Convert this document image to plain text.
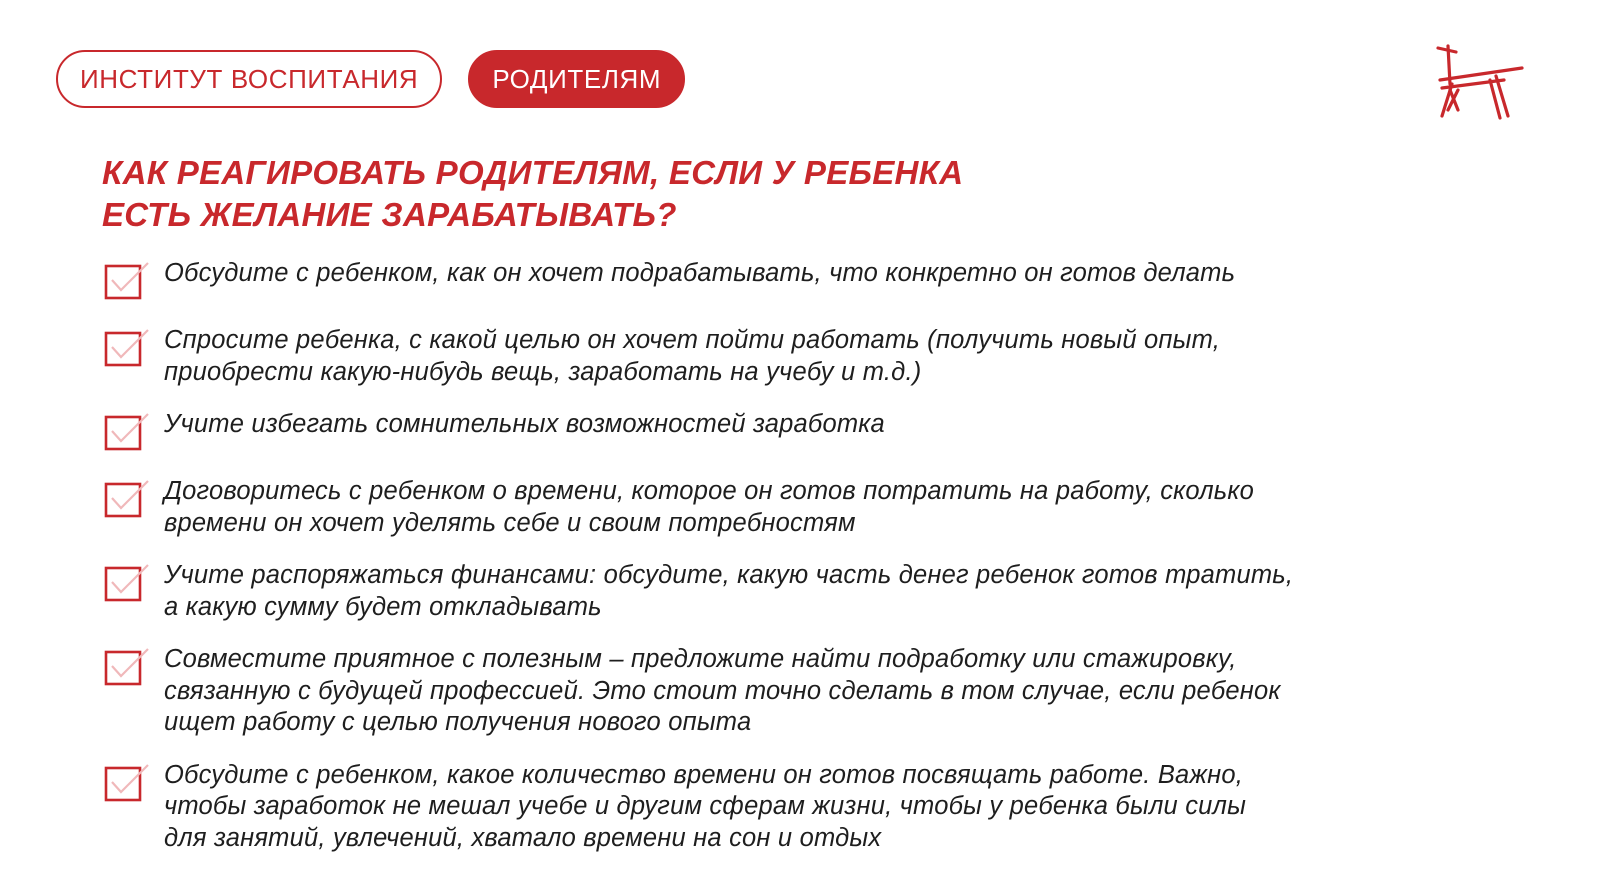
ИНСТИТУТ ВОСПИТАНИЯ	РОДИТЕЛЯМ
КАК РЕАГИРОВАТЬ РОДИТЕЛЯМ, ЕСЛИ У РЕБЕНКА
ЕСТЬ ЖЕЛАНИЕ ЗАРАБАТЫВАТЬ?
Обсудите с ребенком, как он хочет подрабатывать, что конкретно он готов делать
Спросите ребенка, с какой целью он хочет пойти работать (получить новый опыт,
приобрести какую-нибудь вещь, заработать на учебу и т.д.)
Учите избегать сомнительных возможностей заработка
Договоритесь с ребенком о времени, которое он готов потратить на работу, сколько
времени он хочет уделять себе и своим потребностям
Учите распоряжаться финансами: обсудите, какую часть денег ребенок готов тратить,
а какую сумму будет откладывать
Совместите приятное с полезным – предложите найти подработку или стажировку,
связанную с будущей профессией. Это стоит точно сделать в том случае, если ребенок
ищет работу с целью получения нового опыта
Обсудите с ребенком, какое количество времени он готов посвящать работе. Важно,
чтобы заработок не мешал учебе и другим сферам жизни, чтобы у ребенка были силы
для занятий, увлечений, хватало времени на сон и отдых
